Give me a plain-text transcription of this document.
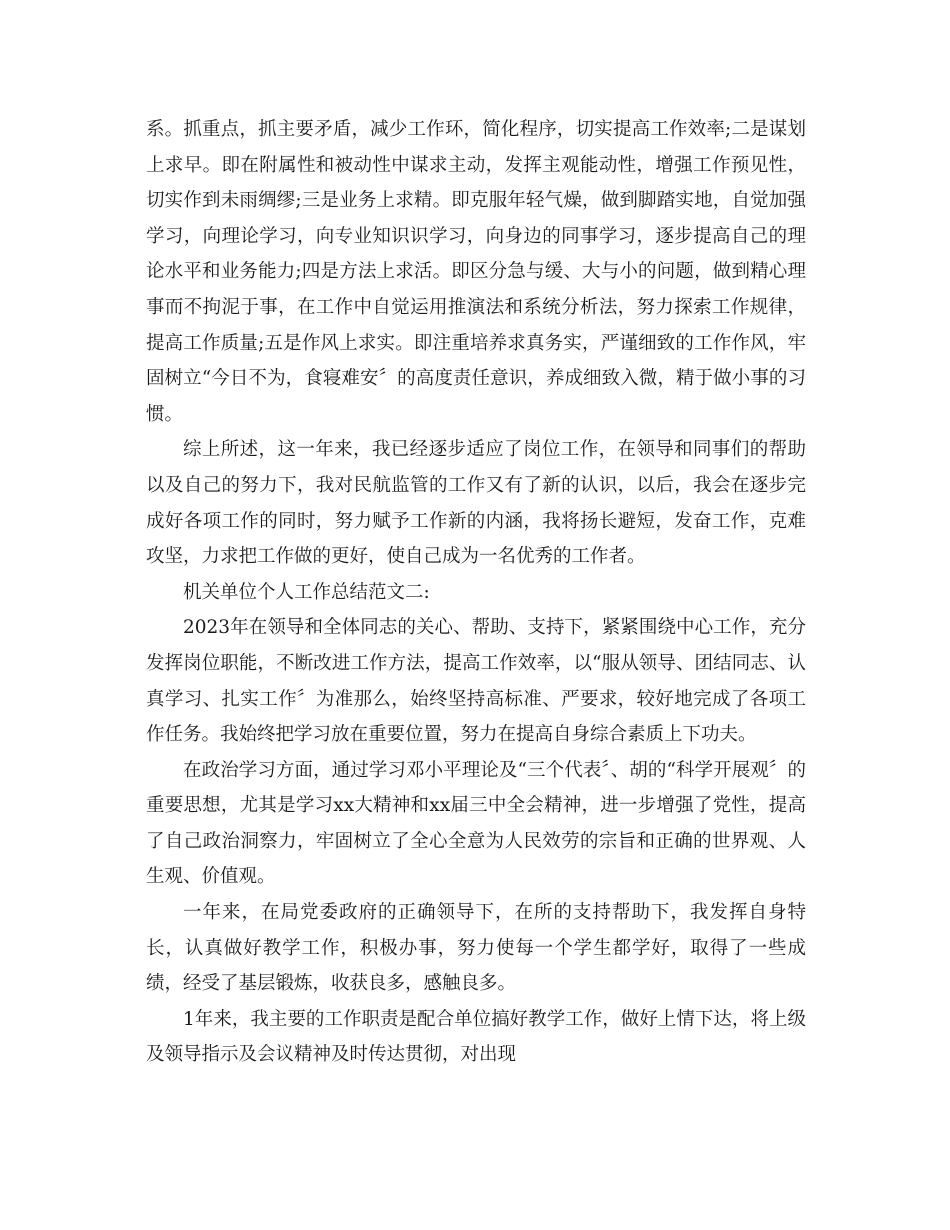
系。抓重点，抓主要矛盾，减少工作环，简化程序，切实提高工作效率;二是谋划上求早。即在附属性和被动性中谋求主动，发挥主观能动性，增强工作预见性，切实作到未雨绸缪;三是业务上求精。即克服年轻气燥，做到脚踏实地，自觉加强学习，向理论学习，向专业知识识学习，向身边的同事学习，逐步提高自己的理论水平和业务能力;四是方法上求活。即区分急与缓、大与小的问题，做到精心理事而不拘泥于事，在工作中自觉运用推演法和系统分析法，努力探索工作规律，提高工作质量;五是作风上求实。即注重培养求真务实，严谨细致的工作作风，牢固树立“今日不为，食寝难安〞的高度责任意识，养成细致入微，精于做小事的习惯。

综上所述，这一年来，我已经逐步适应了岗位工作，在领导和同事们的帮助以及自己的努力下，我对民航监管的工作又有了新的认识，以后，我会在逐步完成好各项工作的同时，努力赋予工作新的内涵，我将扬长避短，发奋工作，克难攻坚，力求把工作做的更好，使自己成为一名优秀的工作者。

机关单位个人工作总结范文二:

2023年在领导和全体同志的关心、帮助、支持下，紧紧围绕中心工作，充分发挥岗位职能，不断改进工作方法，提高工作效率，以“服从领导、团结同志、认真学习、扎实工作〞为准那么，始终坚持高标准、严要求，较好地完成了各项工作任务。我始终把学习放在重要位置，努力在提高自身综合素质上下功夫。

在政治学习方面，通过学习邓小平理论及“三个代表〞、胡的“科学开展观〞的重要思想，尤其是学习xx大精神和xx届三中全会精神，进一步增强了党性，提高了自己政治洞察力，牢固树立了全心全意为人民效劳的宗旨和正确的世界观、人生观、价值观。

一年来，在局党委政府的正确领导下，在所的支持帮助下，我发挥自身特长，认真做好教学工作，积极办事，努力使每一个学生都学好，取得了一些成绩，经受了基层锻炼，收获良多，感触良多。

1年来，我主要的工作职责是配合单位搞好教学工作，做好上情下达，将上级及领导指示及会议精神及时传达贯彻，对出现
